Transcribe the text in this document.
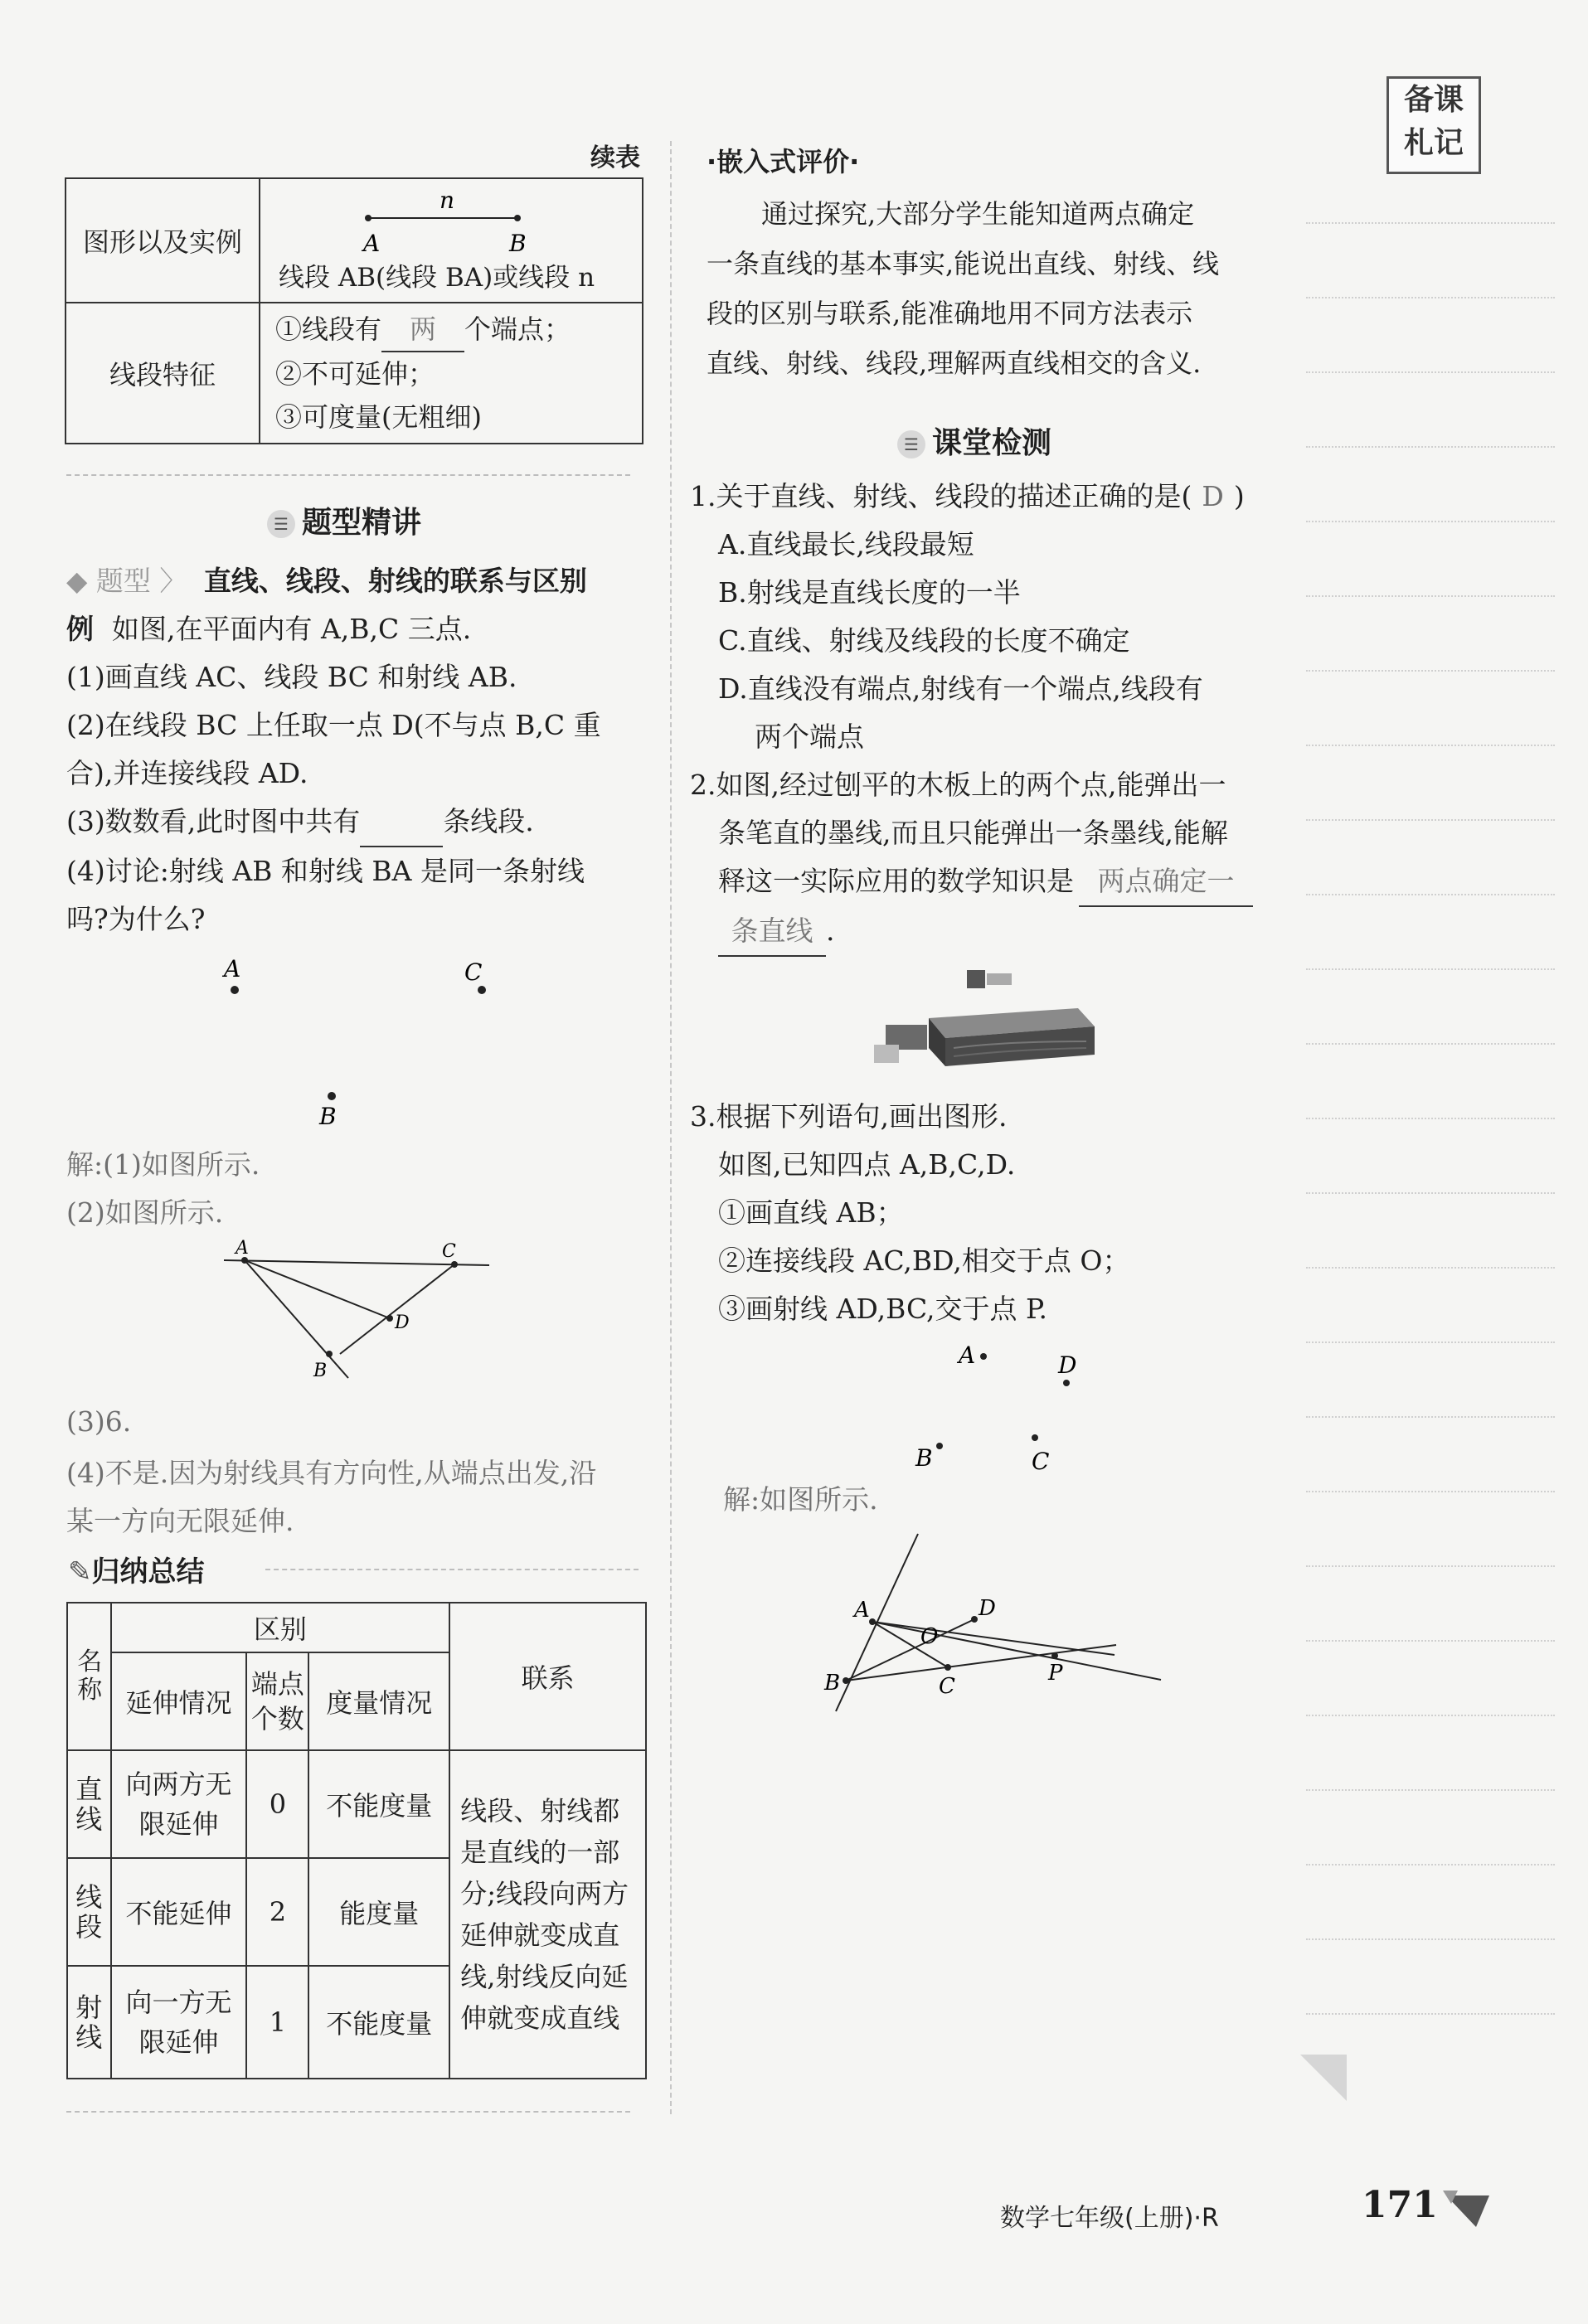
备课
札记
续表
图形以及实例	n
A B
线段 AB(线段 BA)或线段 n

线段特征	①线段有 两 个端点；
②不可延伸；
③可度量(无粗细)
☰ 题型精讲
◆ 题型 〉 直线、线段、射线的联系与区别
例 如图,在平面内有 A,B,C 三点.
(1)画直线 AC、线段 BC 和射线 AB.
(2)在线段 BC 上任取一点 D(不与点 B,C 重
合),并连接线段 AD.
(3)数数看,此时图中共有	条线段.
(4)讨论:射线 AB 和射线 BA 是同一条射线
吗?为什么?
A	C
B
解:(1)如图所示.
(2)如图所示.
A	C
D
B
(3)6.
(4)不是.因为射线具有方向性,从端点出发,沿
某一方向无限延伸.
✎归纳总结
名称	区别			联系
	延伸情况	端点个数	度量情况	

直线	向两方无限延伸	0	不能度量	线段、射线都是直线的一部分;线段向两方延伸就变成直线,射线反向延伸就变成直线

线段	不能延伸	2	能度量	

射线	向一方无限延伸	1	不能度量	
·嵌入式评价·
通过探究,大部分学生能知道两点确定
一条直线的基本事实,能说出直线、射线、线
段的区别与联系,能准确地用不同方法表示
直线、射线、线段,理解两直线相交的含义.
☰ 课堂检测
1.关于直线、射线、线段的描述正确的是( D )
A.直线最长,线段最短
B.射线是直线长度的一半
C.直线、射线及线段的长度不确定
D.直线没有端点,射线有一个端点,线段有
两个端点
2.如图,经过刨平的木板上的两个点,能弹出一
条笔直的墨线,而且只能弹出一条墨线,能解
释这一实际应用的数学知识是 两点确定一
条直线 .
3.根据下列语句,画出图形.
如图,已知四点 A,B,C,D.
①画直线 AB；
②连接线段 AC,BD,相交于点 O；
③画射线 AD,BC,交于点 P.
A	D
B	C
解:如图所示.
A	D
O
B	C
P
数学七年级(上册)·R	171
